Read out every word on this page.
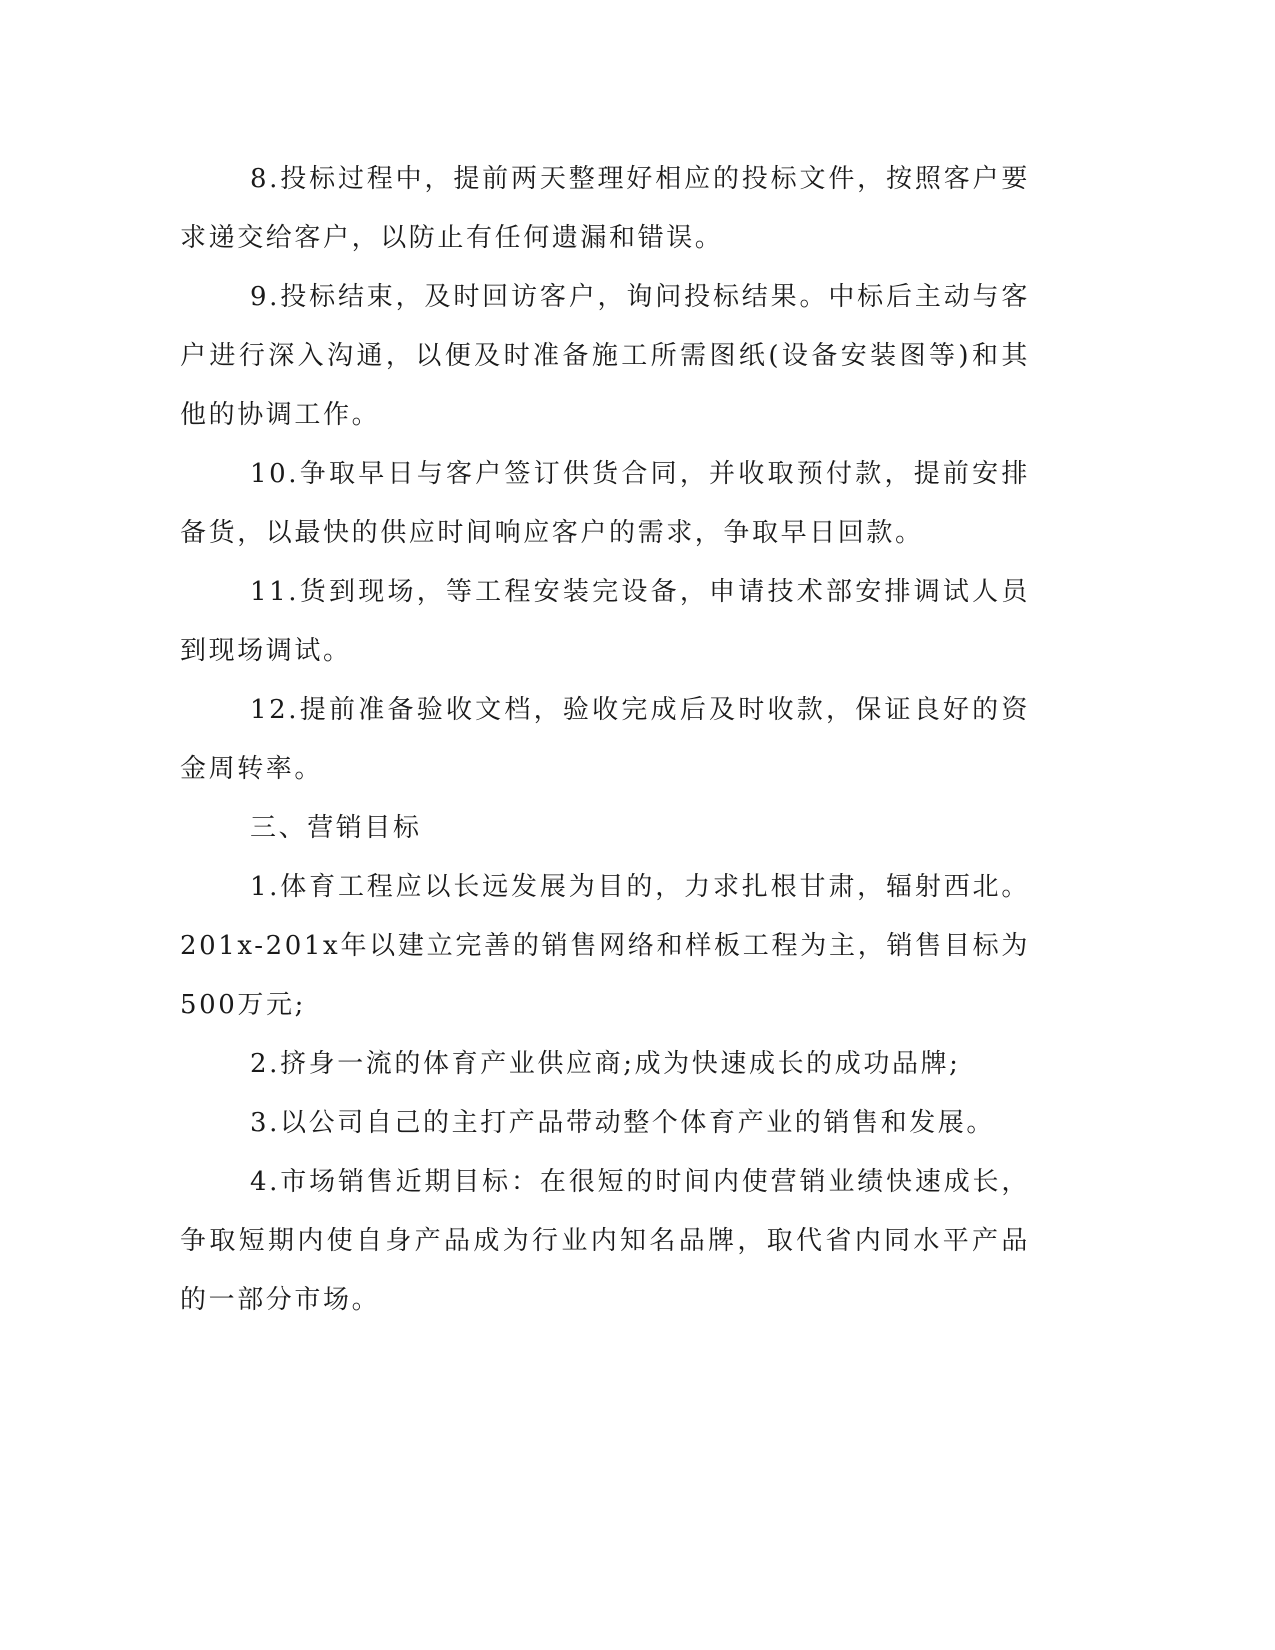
8.投标过程中，提前两天整理好相应的投标文件，按照客户要求递交给客户，以防止有任何遗漏和错误。

9.投标结束，及时回访客户，询问投标结果。中标后主动与客户进行深入沟通，以便及时准备施工所需图纸(设备安装图等)和其他的协调工作。

10.争取早日与客户签订供货合同，并收取预付款，提前安排备货，以最快的供应时间响应客户的需求，争取早日回款。

11.货到现场，等工程安装完设备，申请技术部安排调试人员到现场调试。

12.提前准备验收文档，验收完成后及时收款，保证良好的资金周转率。

三、营销目标

1.体育工程应以长远发展为目的，力求扎根甘肃，辐射西北。201x-201x年以建立完善的销售网络和样板工程为主，销售目标为500万元;

2.挤身一流的体育产业供应商;成为快速成长的成功品牌;

3.以公司自己的主打产品带动整个体育产业的销售和发展。

4.市场销售近期目标：在很短的时间内使营销业绩快速成长，争取短期内使自身产品成为行业内知名品牌，取代省内同水平产品的一部分市场。
